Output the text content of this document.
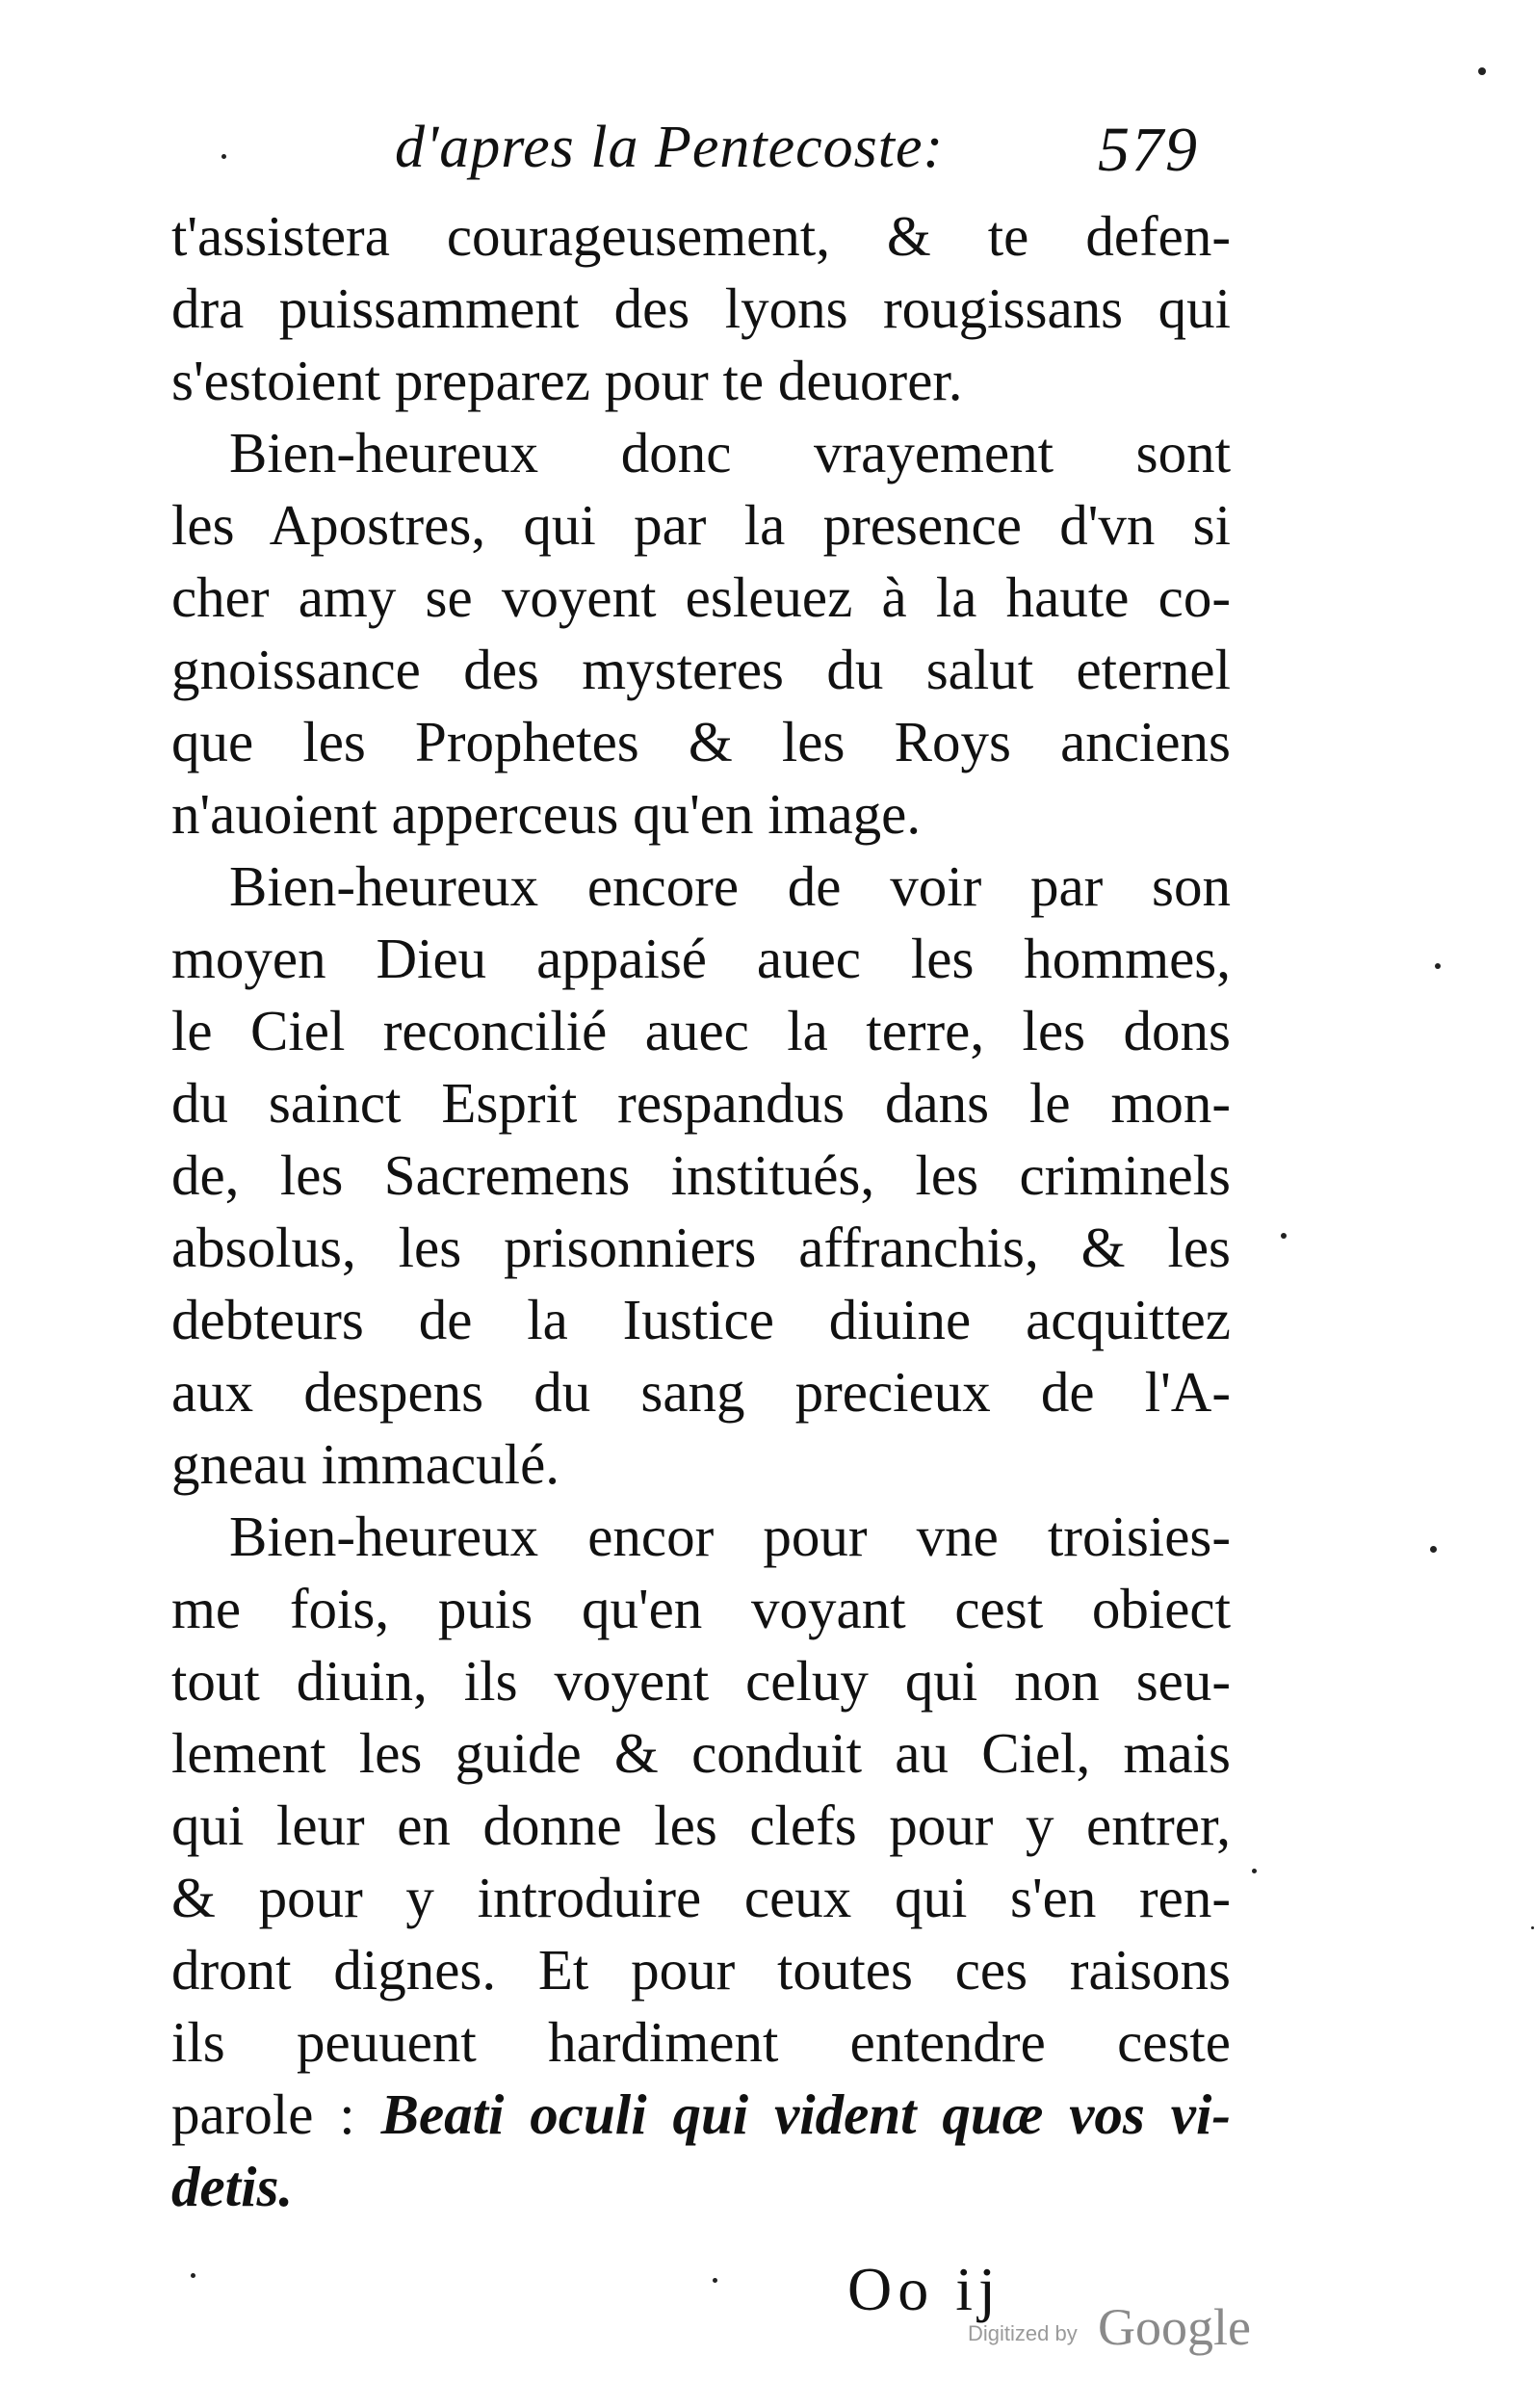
d'apres la Pentecoste: 579
t'assistera courageusement, & te defen-
dra puissamment des lyons rougissans qui
s'estoient preparez pour te deuorer.
Bien-heureux donc vrayement sont
les Apostres, qui par la presence d'vn si
cher amy se voyent esleuez à la haute co-
gnoissance des mysteres du salut eternel
que les Prophetes & les Roys anciens
n'auoient apperceus qu'en image.
Bien-heureux encore de voir par son
moyen Dieu appaisé auec les hommes,
le Ciel reconcilié auec la terre, les dons
du sainct Esprit respandus dans le mon-
de, les Sacremens institués, les criminels
absolus, les prisonniers affranchis, & les
debteurs de la Iustice diuine acquittez
aux despens du sang precieux de l'A-
gneau immaculé.
Bien-heureux encor pour vne troisies-
me fois, puis qu'en voyant cest obiect
tout diuin, ils voyent celuy qui non seu-
lement les guide & conduit au Ciel, mais
qui leur en donne les clefs pour y entrer,
& pour y introduire ceux qui s'en ren-
dront dignes. Et pour toutes ces raisons
ils peuuent hardiment entendre ceste
parole : Beati oculi qui vident quæ vos vi-
detis.
Oo ij
Digitized by Google
